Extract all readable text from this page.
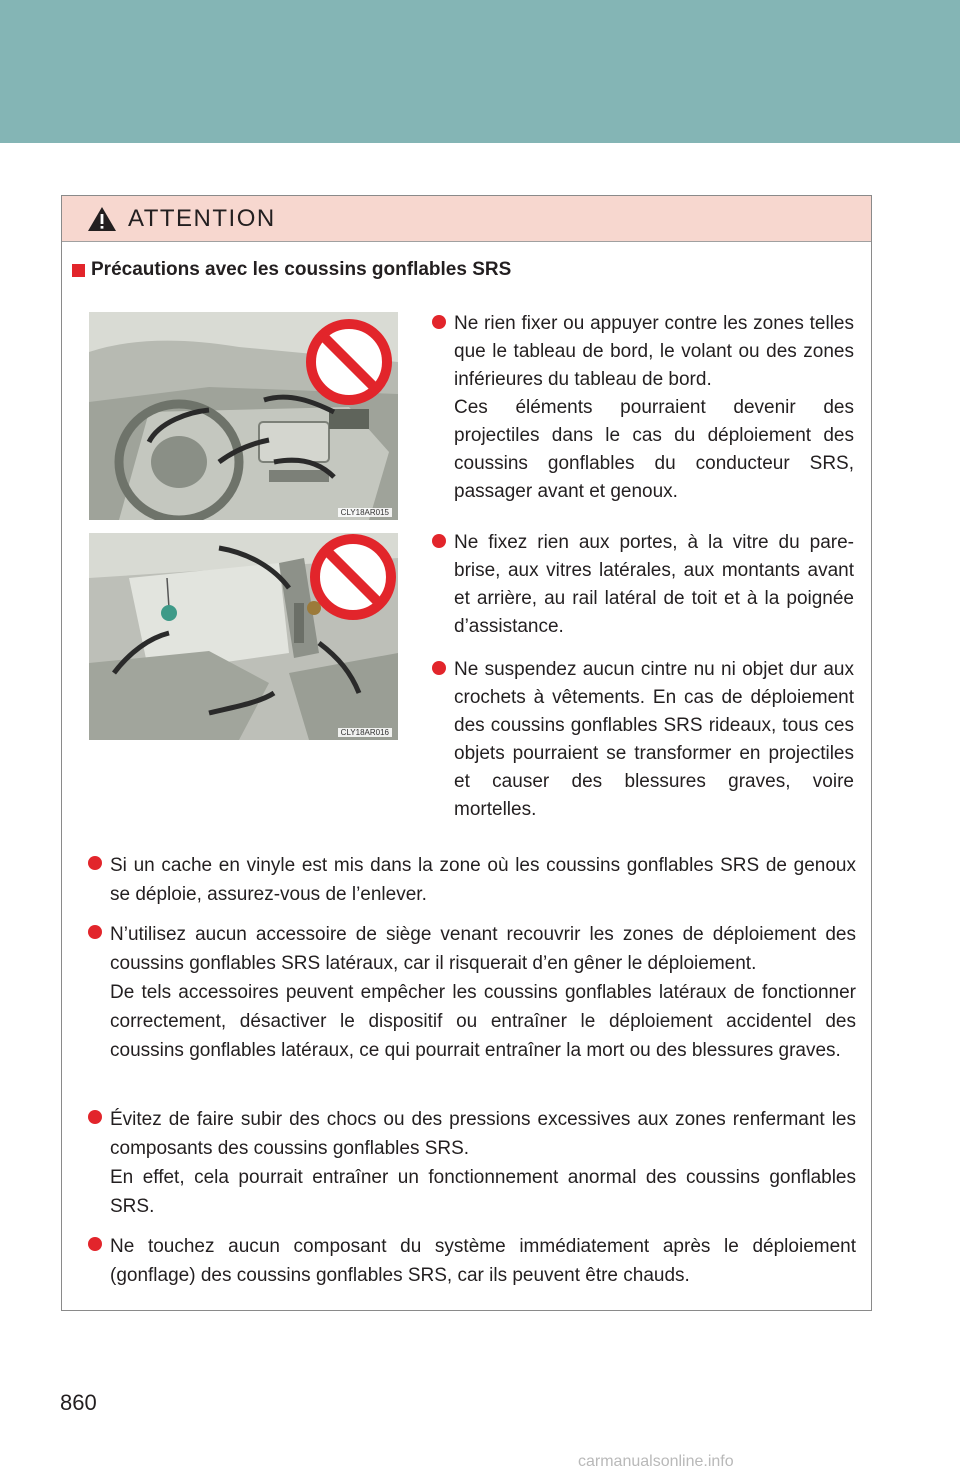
ATTENTION
Précautions avec les coussins gonflables SRS
CLY18AR015
CLY18AR016
Ne rien fixer ou appuyer contre les zones telles que le tableau de bord, le volant ou des zones inférieures du tableau de bord.
Ces éléments pourraient devenir des projectiles dans le cas du déploiement des coussins gonflables du conducteur SRS, passager avant et genoux.
Ne fixez rien aux portes, à la vitre du pare-brise, aux vitres latérales, aux montants avant et arrière, au rail latéral de toit et à la poignée d’assistance.
Ne suspendez aucun cintre nu ni objet dur aux crochets à vêtements. En cas de déploiement des coussins gonflables SRS rideaux, tous ces objets pourraient se transformer en projectiles et causer des blessures graves, voire mortelles.
Si un cache en vinyle est mis dans la zone où les coussins gonflables SRS de genoux se déploie, assurez-vous de l’enlever.
N’utilisez aucun accessoire de siège venant recouvrir les zones de déploiement des coussins gonflables SRS latéraux, car il risquerait d’en gêner le déploiement.
De tels accessoires peuvent empêcher les coussins gonflables latéraux de fonctionner correctement, désactiver le dispositif ou entraîner le déploiement accidentel des coussins gonflables latéraux, ce qui pourrait entraîner la mort ou des blessures graves.
Évitez de faire subir des chocs ou des pressions excessives aux zones renfermant les composants des coussins gonflables SRS.
En effet, cela pourrait entraîner un fonctionnement anormal des coussins gonflables SRS.
Ne touchez aucun composant du système immédiatement après le déploiement (gonflage) des coussins gonflables SRS, car ils peuvent être chauds.
860
carmanualsonline.info
